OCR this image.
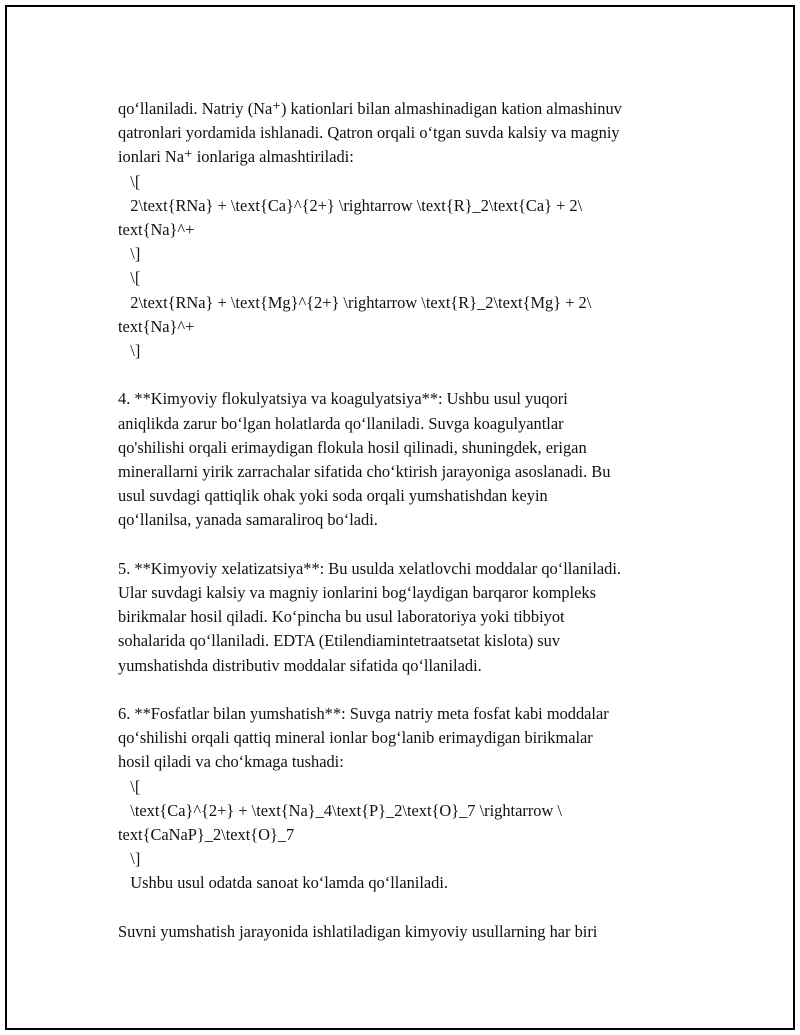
qo‘llaniladi. Natriy (Na⁺) kationlari bilan almashinadigan kation almashinuv
qatronlari yordamida ishlanadi. Qatron orqali o‘tgan suvda kalsiy va magniy
ionlari Na⁺ ionlariga almashtiriladi:
\[
2\text{RNa} + \text{Ca}^{2+} \rightarrow \text{R}_2\text{Ca} + 2\
text{Na}^+
\]
\[
2\text{RNa} + \text{Mg}^{2+} \rightarrow \text{R}_2\text{Mg} + 2\
text{Na}^+
\]
4. **Kimyoviy flokulyatsiya va koagulyatsiya**: Ushbu usul yuqori
aniqlikda zarur bo‘lgan holatlarda qo‘llaniladi. Suvga koagulyantlar
qo'shilishi orqali erimaydigan flokula hosil qilinadi, shuningdek, erigan
minerallarni yirik zarrachalar sifatida cho‘ktirish jarayoniga asoslanadi. Bu
usul suvdagi qattiqlik ohak yoki soda orqali yumshatishdan keyin
qo‘llanilsa, yanada samaraliroq bo‘ladi.
5. **Kimyoviy xelatizatsiya**: Bu usulda xelatlovchi moddalar qo‘llaniladi.
Ular suvdagi kalsiy va magniy ionlarini bog‘laydigan barqaror kompleks
birikmalar hosil qiladi. Ko‘pincha bu usul laboratoriya yoki tibbiyot
sohalarida qo‘llaniladi. EDTA (Etilendiamintetraatsetat kislota) suv
yumshatishda distributiv moddalar sifatida qo‘llaniladi.
6. **Fosfatlar bilan yumshatish**: Suvga natriy meta fosfat kabi moddalar
qo‘shilishi orqali qattiq mineral ionlar bog‘lanib erimaydigan birikmalar
hosil qiladi va cho‘kmaga tushadi:
\[
\text{Ca}^{2+} + \text{Na}_4\text{P}_2\text{O}_7 \rightarrow \
text{CaNaP}_2\text{O}_7
\]
Ushbu usul odatda sanoat ko‘lamda qo‘llaniladi.
Suvni yumshatish jarayonida ishlatiladigan kimyoviy usullarning har biri
